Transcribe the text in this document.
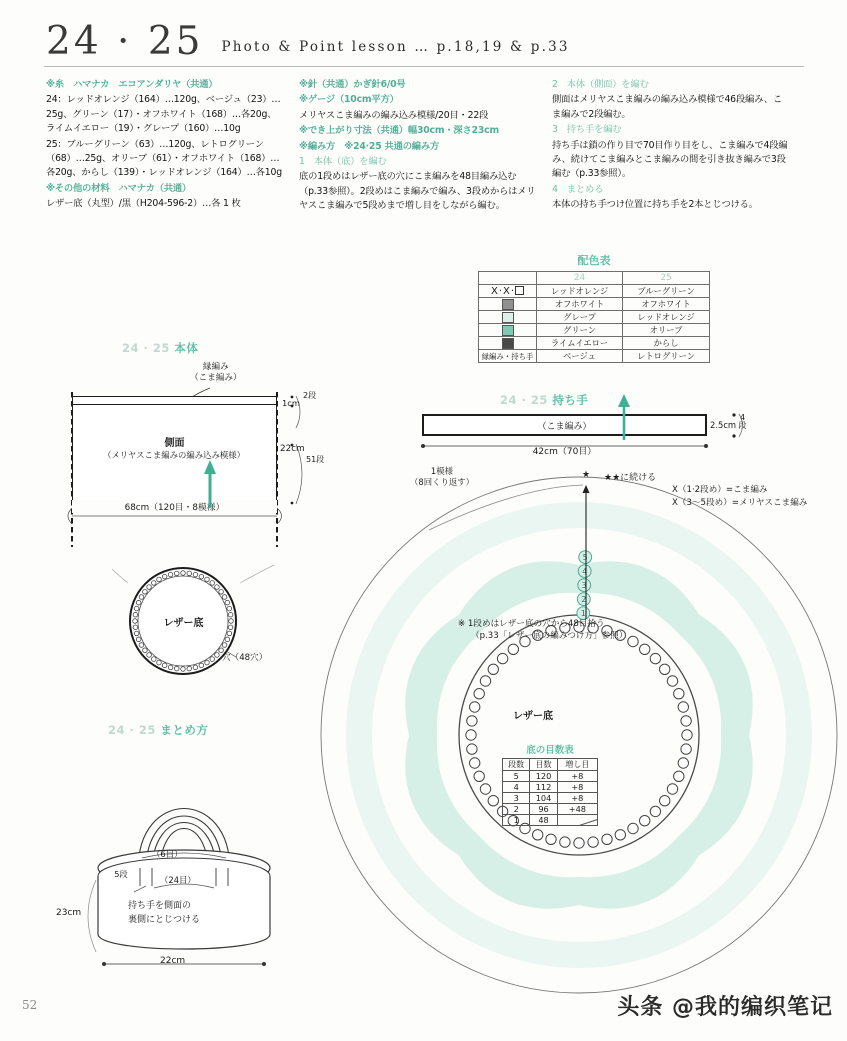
24 · 25 Photo & Point lesson … p.18,19 & p.33

※糸　ハマナカ　エコアンダリヤ（共通）

24：レッドオレンジ（164）…120g、ベージュ（23）…25g、グリーン（17）・オフホワイト（168）…各20g、ライムイエロー（19）・グレープ（160）…10g

25：ブルーグリーン（63）…120g、レトログリーン（68）…25g、オリーブ（61）・オフホワイト（168）…各20g、からし（139）・レッドオレンジ（164）…各10g

※その他の材料　ハマナカ（共通）

レザー底（丸型）/黒（H204-596-2）…各 1 枚

※針（共通）かぎ針6/0号

※ゲージ（10cm平方）

メリヤスこま編みの編み込み模様/20目・22段

※でき上がり寸法（共通）幅30cm・深さ23cm

※編み方　※24·25 共通の編み方

1　本体（底）を編む

底の1段めはレザー底の穴にこま編みを48目編み込む（p.33参照）。2段めはこま編みで編み、3段めからはメリヤスこま編みで5段めまで増し目をしながら編む。

2　本体（側面）を編む

側面はメリヤスこま編みの編み込み模様で46段編み、こま編みで2段編む。

3　持ち手を編む

持ち手は鎖の作り目で70目作り目をし、こま編みで4段編み、続けてこま編みとこま編みの間を引き抜き編みで3段編む（p.33参照）。

4　まとめる

本体の持ち手つけ位置に持ち手を2本とじつける。

配色表
	24	25
X·X·	レッドオレンジ	ブルーグリーン
	オフホワイト	オフホワイト
	グレープ	レッドオレンジ
	グリーン	オリーブ
	ライムイエロー	からし
縁編み・持ち手	ベージュ	レトログリーン
24 · 25 本体
縁編み
（こま編み）
側面
（メリヤスこま編みの編み込み模様）
68cm（120目・8模様）
1cm
2段
22cm
51段
レザー底
穴（48穴）
24 · 25 まとめ方
（6目）
（24目）
5段
持ち手を側面の
裏側にとじつける
23cm
22cm
24 · 25 持ち手
（こま編み）	2.5cm
4段
42cm（70目）
1
2
3
4
5
★
1模様
（8回くり返す）	★★に続ける
X（1·2段め）=こま編み
X（3〜5段め）=メリヤスこま編み
※ 1段めはレザー底の穴から48目拾う
（p.33「レザー底の編みつけ方」参照）
レザー底
底の目数表
段数	目数	増し目
5	120	+8
4	112	+8
3	104	+8
2	96	+48
1	48	
52	头条 @我的编织笔记
